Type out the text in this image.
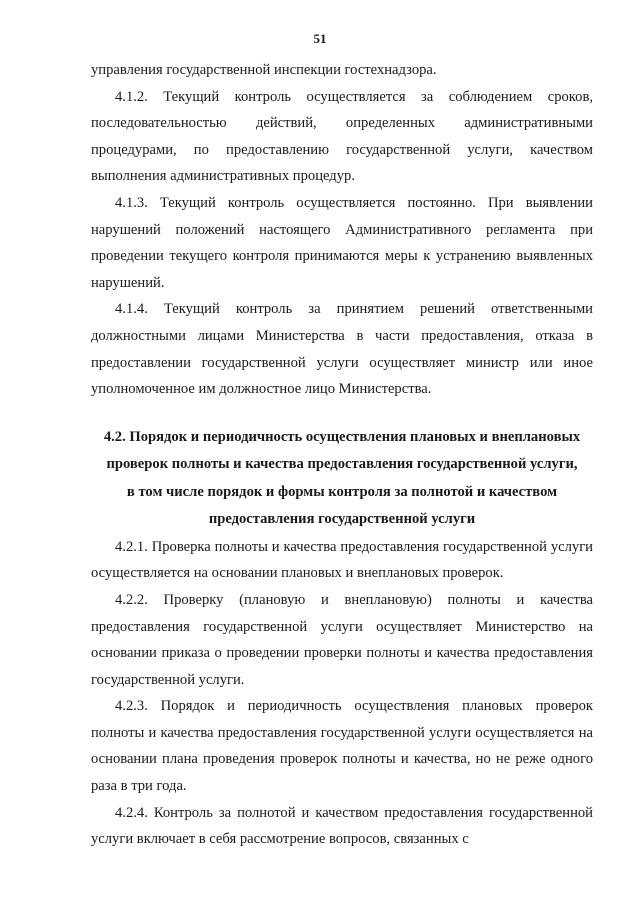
51

управления государственной инспекции гостехнадзора.

4.1.2. Текущий контроль осуществляется за соблюдением сроков, последовательностью действий, определенных административными процедурами, по предоставлению государственной услуги, качеством выполнения административных процедур.

4.1.3. Текущий контроль осуществляется постоянно. При выявлении нарушений положений настоящего Административного регламента при проведении текущего контроля принимаются меры к устранению выявленных нарушений.

4.1.4. Текущий контроль за принятием решений ответственными должностными лицами Министерства в части предоставления, отказа в предоставлении государственной услуги осуществляет министр или иное уполномоченное им должностное лицо Министерства.

4.2. Порядок и периодичность осуществления плановых и внеплановых
проверок полноты и качества предоставления государственной услуги,
в том числе порядок и формы контроля за полнотой и качеством
предоставления государственной услуги

4.2.1. Проверка полноты и качества предоставления государственной услуги осуществляется на основании плановых и внеплановых проверок.

4.2.2. Проверку (плановую и внеплановую) полноты и качества предоставления государственной услуги осуществляет Министерство на основании приказа о проведении проверки полноты и качества предоставления государственной услуги.

4.2.3. Порядок и периодичность осуществления плановых проверок полноты и качества предоставления государственной услуги осуществляется на основании плана проведения проверок полноты и качества, но не реже одного раза в три года.

4.2.4. Контроль за полнотой и качеством предоставления государственной услуги включает в себя рассмотрение вопросов, связанных с
